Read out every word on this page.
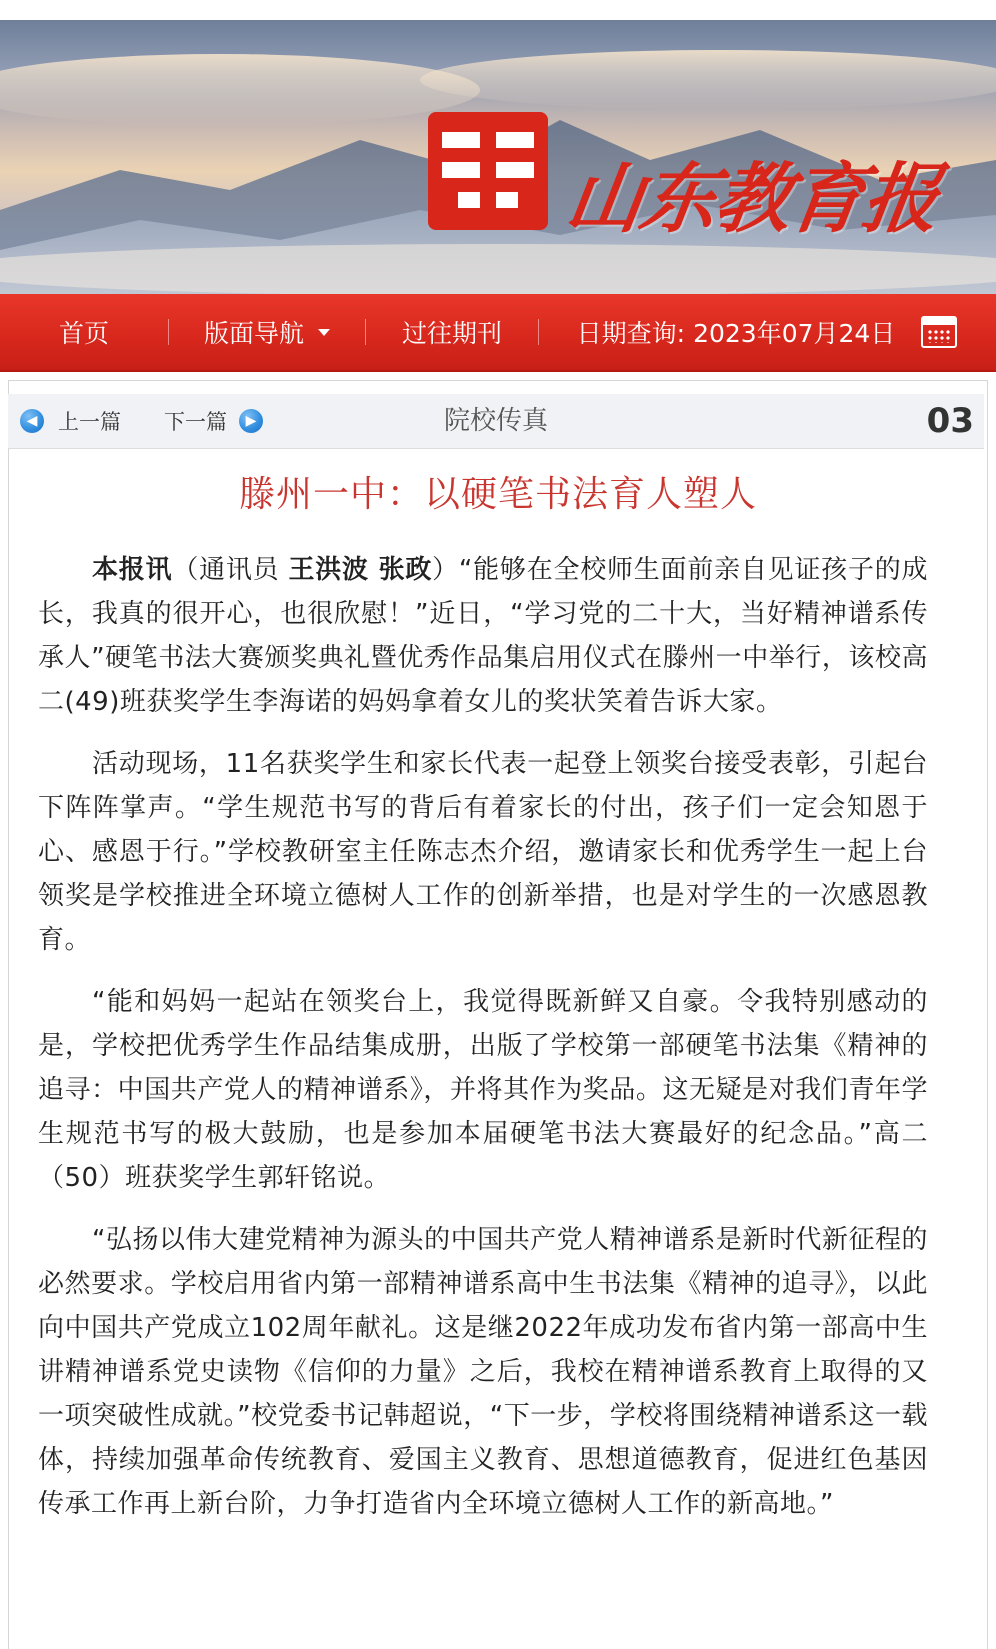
山东教育报
首页	版面导航	过往期刊	日期查询: 2023年07月24日
院校传真
◀ 上一篇 下一篇	▶	03
滕州一中：以硬笔书法育人塑人

本报讯（通讯员 王洪波 张政）“能够在全校师生面前亲自见证孩子的成长，我真的很开心，也很欣慰！”近日，“学习党的二十大，当好精神谱系传承人”硬笔书法大赛颁奖典礼暨优秀作品集启用仪式在滕州一中举行，该校高二(49)班获奖学生李海诺的妈妈拿着女儿的奖状笑着告诉大家。

活动现场，11名获奖学生和家长代表一起登上领奖台接受表彰，引起台下阵阵掌声。“学生规范书写的背后有着家长的付出，孩子们一定会知恩于心、感恩于行。”学校教研室主任陈志杰介绍，邀请家长和优秀学生一起上台领奖是学校推进全环境立德树人工作的创新举措，也是对学生的一次感恩教育。

“能和妈妈一起站在领奖台上，我觉得既新鲜又自豪。令我特别感动的是，学校把优秀学生作品结集成册，出版了学校第一部硬笔书法集《精神的追寻：中国共产党人的精神谱系》，并将其作为奖品。这无疑是对我们青年学生规范书写的极大鼓励，也是参加本届硬笔书法大赛最好的纪念品。”高二（50）班获奖学生郭轩铭说。

“弘扬以伟大建党精神为源头的中国共产党人精神谱系是新时代新征程的必然要求。学校启用省内第一部精神谱系高中生书法集《精神的追寻》，以此向中国共产党成立102周年献礼。这是继2022年成功发布省内第一部高中生讲精神谱系党史读物《信仰的力量》之后，我校在精神谱系教育上取得的又一项突破性成就。”校党委书记韩超说，“下一步，学校将围绕精神谱系这一载体，持续加强革命传统教育、爱国主义教育、思想道德教育，促进红色基因传承工作再上新台阶，力争打造省内全环境立德树人工作的新高地。”
